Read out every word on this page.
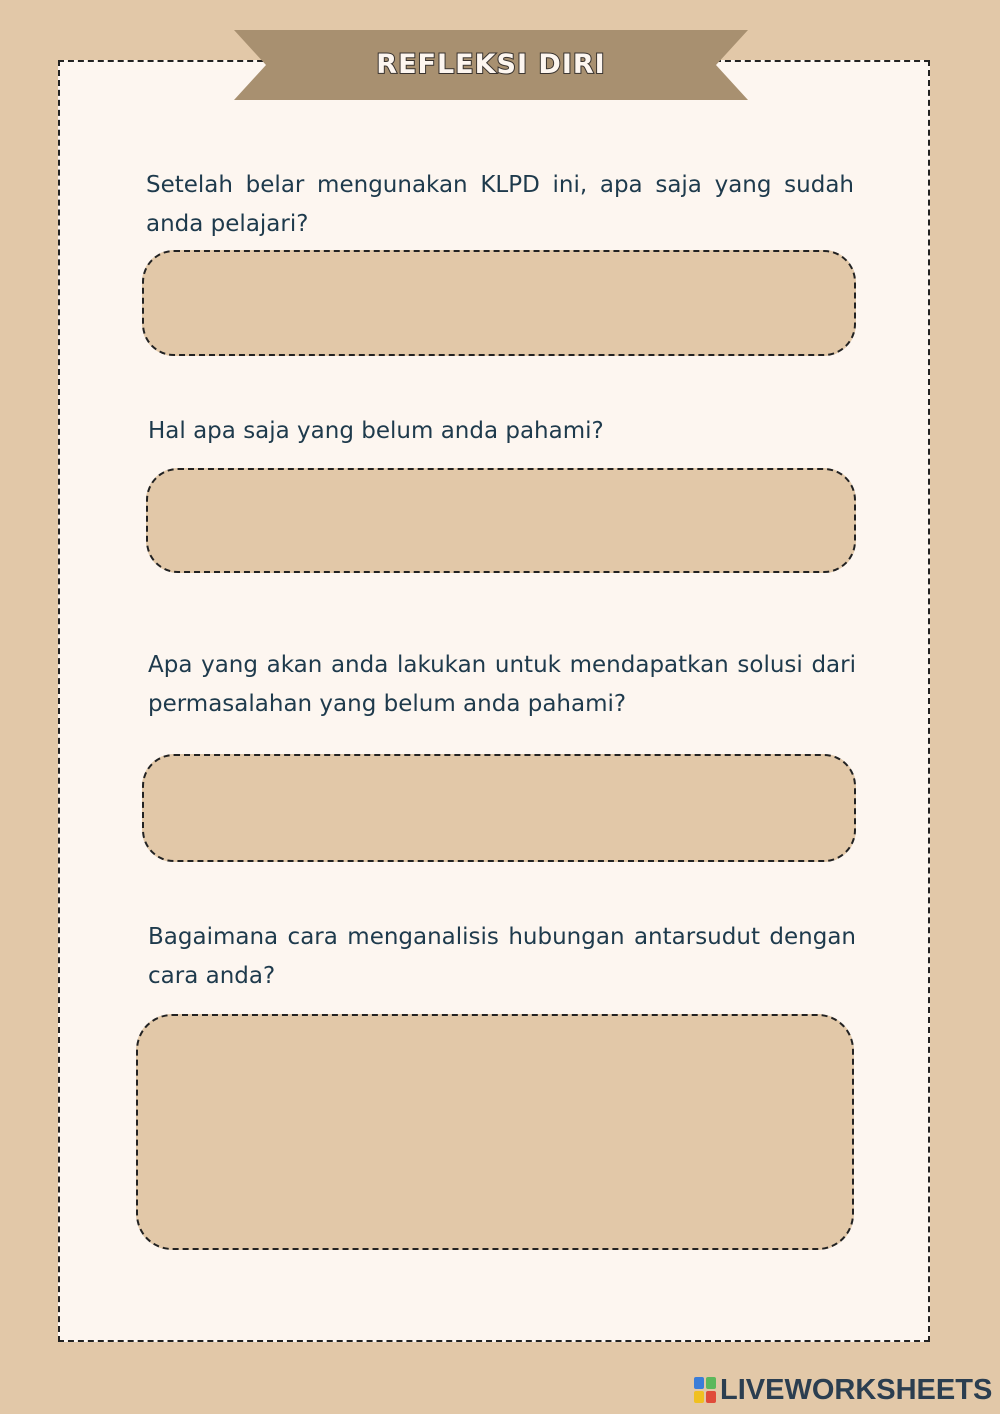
REFLEKSI DIRI

Setelah belar mengunakan KLPD ini, apa saja yang sudah anda pelajari?

Hal apa saja yang belum anda pahami?

Apa yang akan anda lakukan untuk mendapatkan solusi dari permasalahan yang belum anda pahami?

Bagaimana cara menganalisis hubungan antarsudut dengan cara anda?

LIVEWORKSHEETS
